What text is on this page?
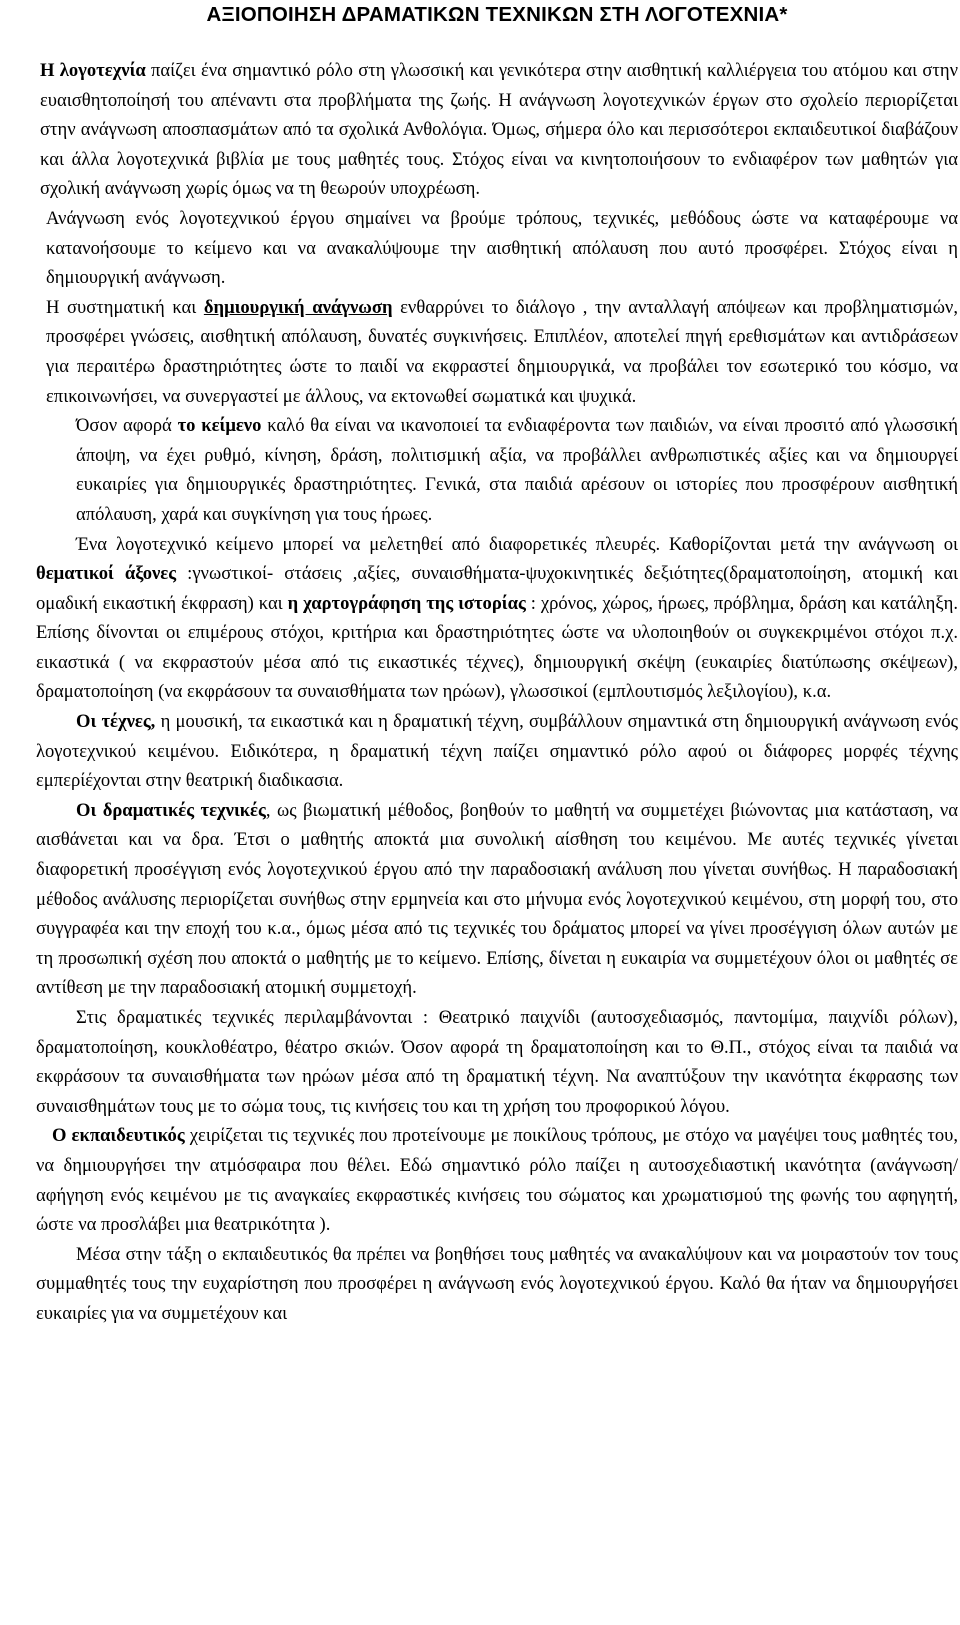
ΑΞΙΟΠΟΙΗΣΗ ΔΡΑΜΑΤΙΚΩΝ ΤΕΧΝΙΚΩΝ ΣΤΗ ΛΟΓΟΤΕΧΝΙΑ*

Η λογοτεχνία παίζει ένα σημαντικό ρόλο στη γλωσσική και γενικότερα στην αισθητική καλλιέργεια του ατόμου και στην ευαισθητοποίησή του απέναντι στα προβλήματα της ζωής. Η ανάγνωση λογοτεχνικών έργων στο σχολείο περιορίζεται στην ανάγνωση αποσπασμάτων από τα σχολικά Ανθολόγια. Όμως, σήμερα όλο και περισσότεροι εκπαιδευτικοί διαβάζουν και άλλα λογοτεχνικά βιβλία με τους μαθητές τους. Στόχος είναι να κινητοποιήσουν το ενδιαφέρον των μαθητών για σχολική ανάγνωση χωρίς όμως να τη θεωρούν υποχρέωση.

Ανάγνωση ενός λογοτεχνικού έργου σημαίνει να βρούμε τρόπους, τεχνικές, μεθόδους ώστε να καταφέρουμε να κατανοήσουμε το κείμενο και να ανακαλύψουμε την αισθητική απόλαυση που αυτό προσφέρει. Στόχος είναι η δημιουργική ανάγνωση.

Η συστηματική και δημιουργική ανάγνωση ενθαρρύνει το διάλογο , την ανταλλαγή απόψεων και προβληματισμών, προσφέρει γνώσεις, αισθητική απόλαυση, δυνατές συγκινήσεις. Επιπλέον, αποτελεί πηγή ερεθισμάτων και αντιδράσεων για περαιτέρω δραστηριότητες ώστε το παιδί να εκφραστεί δημιουργικά, να προβάλει τον εσωτερικό του κόσμο, να επικοινωνήσει, να συνεργαστεί με άλλους, να εκτονωθεί σωματικά και ψυχικά.

Όσον αφορά το κείμενο καλό θα είναι να ικανοποιεί τα ενδιαφέροντα των παιδιών, να είναι προσιτό από γλωσσική άποψη, να έχει ρυθμό, κίνηση, δράση, πολιτισμική αξία, να προβάλλει ανθρωπιστικές αξίες και να δημιουργεί ευκαιρίες για δημιουργικές δραστηριότητες. Γενικά, στα παιδιά αρέσουν οι ιστορίες που προσφέρουν αισθητική απόλαυση, χαρά και συγκίνηση για τους ήρωες.

Ένα λογοτεχνικό κείμενο μπορεί να μελετηθεί από διαφορετικές πλευρές. Καθορίζονται μετά την ανάγνωση οι θεματικοί άξονες :γνωστικοί- στάσεις ,αξίες, συναισθήματα-ψυχοκινητικές δεξιότητες(δραματοποίηση, ατομική και ομαδική εικαστική έκφραση) και η χαρτογράφηση της ιστορίας : χρόνος, χώρος, ήρωες, πρόβλημα, δράση και κατάληξη. Επίσης δίνονται οι επιμέρους στόχοι, κριτήρια και δραστηριότητες ώστε να υλοποιηθούν οι συγκεκριμένοι στόχοι π.χ. εικαστικά ( να εκφραστούν μέσα από τις εικαστικές τέχνες), δημιουργική σκέψη (ευκαιρίες διατύπωσης σκέψεων), δραματοποίηση (να εκφράσουν τα συναισθήματα των ηρώων), γλωσσικοί (εμπλουτισμός λεξιλογίου), κ.α.

Οι τέχνες, η μουσική, τα εικαστικά και η δραματική τέχνη, συμβάλλουν σημαντικά στη δημιουργική ανάγνωση ενός λογοτεχνικού κειμένου. Ειδικότερα, η δραματική τέχνη παίζει σημαντικό ρόλο αφού οι διάφορες μορφές τέχνης εμπερίέχονται στην θεατρική διαδικασια.

Οι δραματικές τεχνικές, ως βιωματική μέθοδος, βοηθούν το μαθητή να συμμετέχει βιώνοντας μια κατάσταση, να αισθάνεται και να δρα. Έτσι ο μαθητής αποκτά μια συνολική αίσθηση του κειμένου. Με αυτές τεχνικές γίνεται διαφορετική προσέγγιση ενός λογοτεχνικού έργου από την παραδοσιακή ανάλυση που γίνεται συνήθως. Η παραδοσιακή μέθοδος ανάλυσης περιορίζεται συνήθως στην ερμηνεία και στο μήνυμα ενός λογοτεχνικού κειμένου, στη μορφή του, στο συγγραφέα και την εποχή του κ.α., όμως μέσα από τις τεχνικές του δράματος μπορεί να γίνει προσέγγιση όλων αυτών με τη προσωπική σχέση που αποκτά ο μαθητής με το κείμενο. Επίσης, δίνεται η ευκαιρία να συμμετέχουν όλοι οι μαθητές σε αντίθεση με την παραδοσιακή ατομική συμμετοχή.

Στις δραματικές τεχνικές περιλαμβάνονται : Θεατρικό παιχνίδι (αυτοσχεδιασμός, παντομίμα, παιχνίδι ρόλων), δραματοποίηση, κουκλοθέατρο, θέατρο σκιών. Όσον αφορά τη δραματοποίηση και το Θ.Π., στόχος είναι τα παιδιά να εκφράσουν τα συναισθήματα των ηρώων μέσα από τη δραματική τέχνη. Να αναπτύξουν την ικανότητα έκφρασης των συναισθημάτων τους με το σώμα τους, τις κινήσεις του και τη χρήση του προφορικού λόγου.

Ο εκπαιδευτικός χειρίζεται τις τεχνικές που προτείνουμε με ποικίλους τρόπους, με στόχο να μαγέψει τους μαθητές του, να δημιουργήσει την ατμόσφαιρα που θέλει. Εδώ σημαντικό ρόλο παίζει η αυτοσχεδιαστική ικανότητα (ανάγνωση/αφήγηση ενός κειμένου με τις αναγκαίες εκφραστικές κινήσεις του σώματος και χρωματισμού της φωνής του αφηγητή, ώστε να προσλάβει μια θεατρικότητα ).

Μέσα στην τάξη ο εκπαιδευτικός θα πρέπει να βοηθήσει τους μαθητές να ανακαλύψουν και να μοιραστούν τον τους συμμαθητές τους την ευχαρίστηση που προσφέρει η ανάγνωση ενός λογοτεχνικού έργου. Καλό θα ήταν να δημιουργήσει ευκαιρίες για να συμμετέχουν και
